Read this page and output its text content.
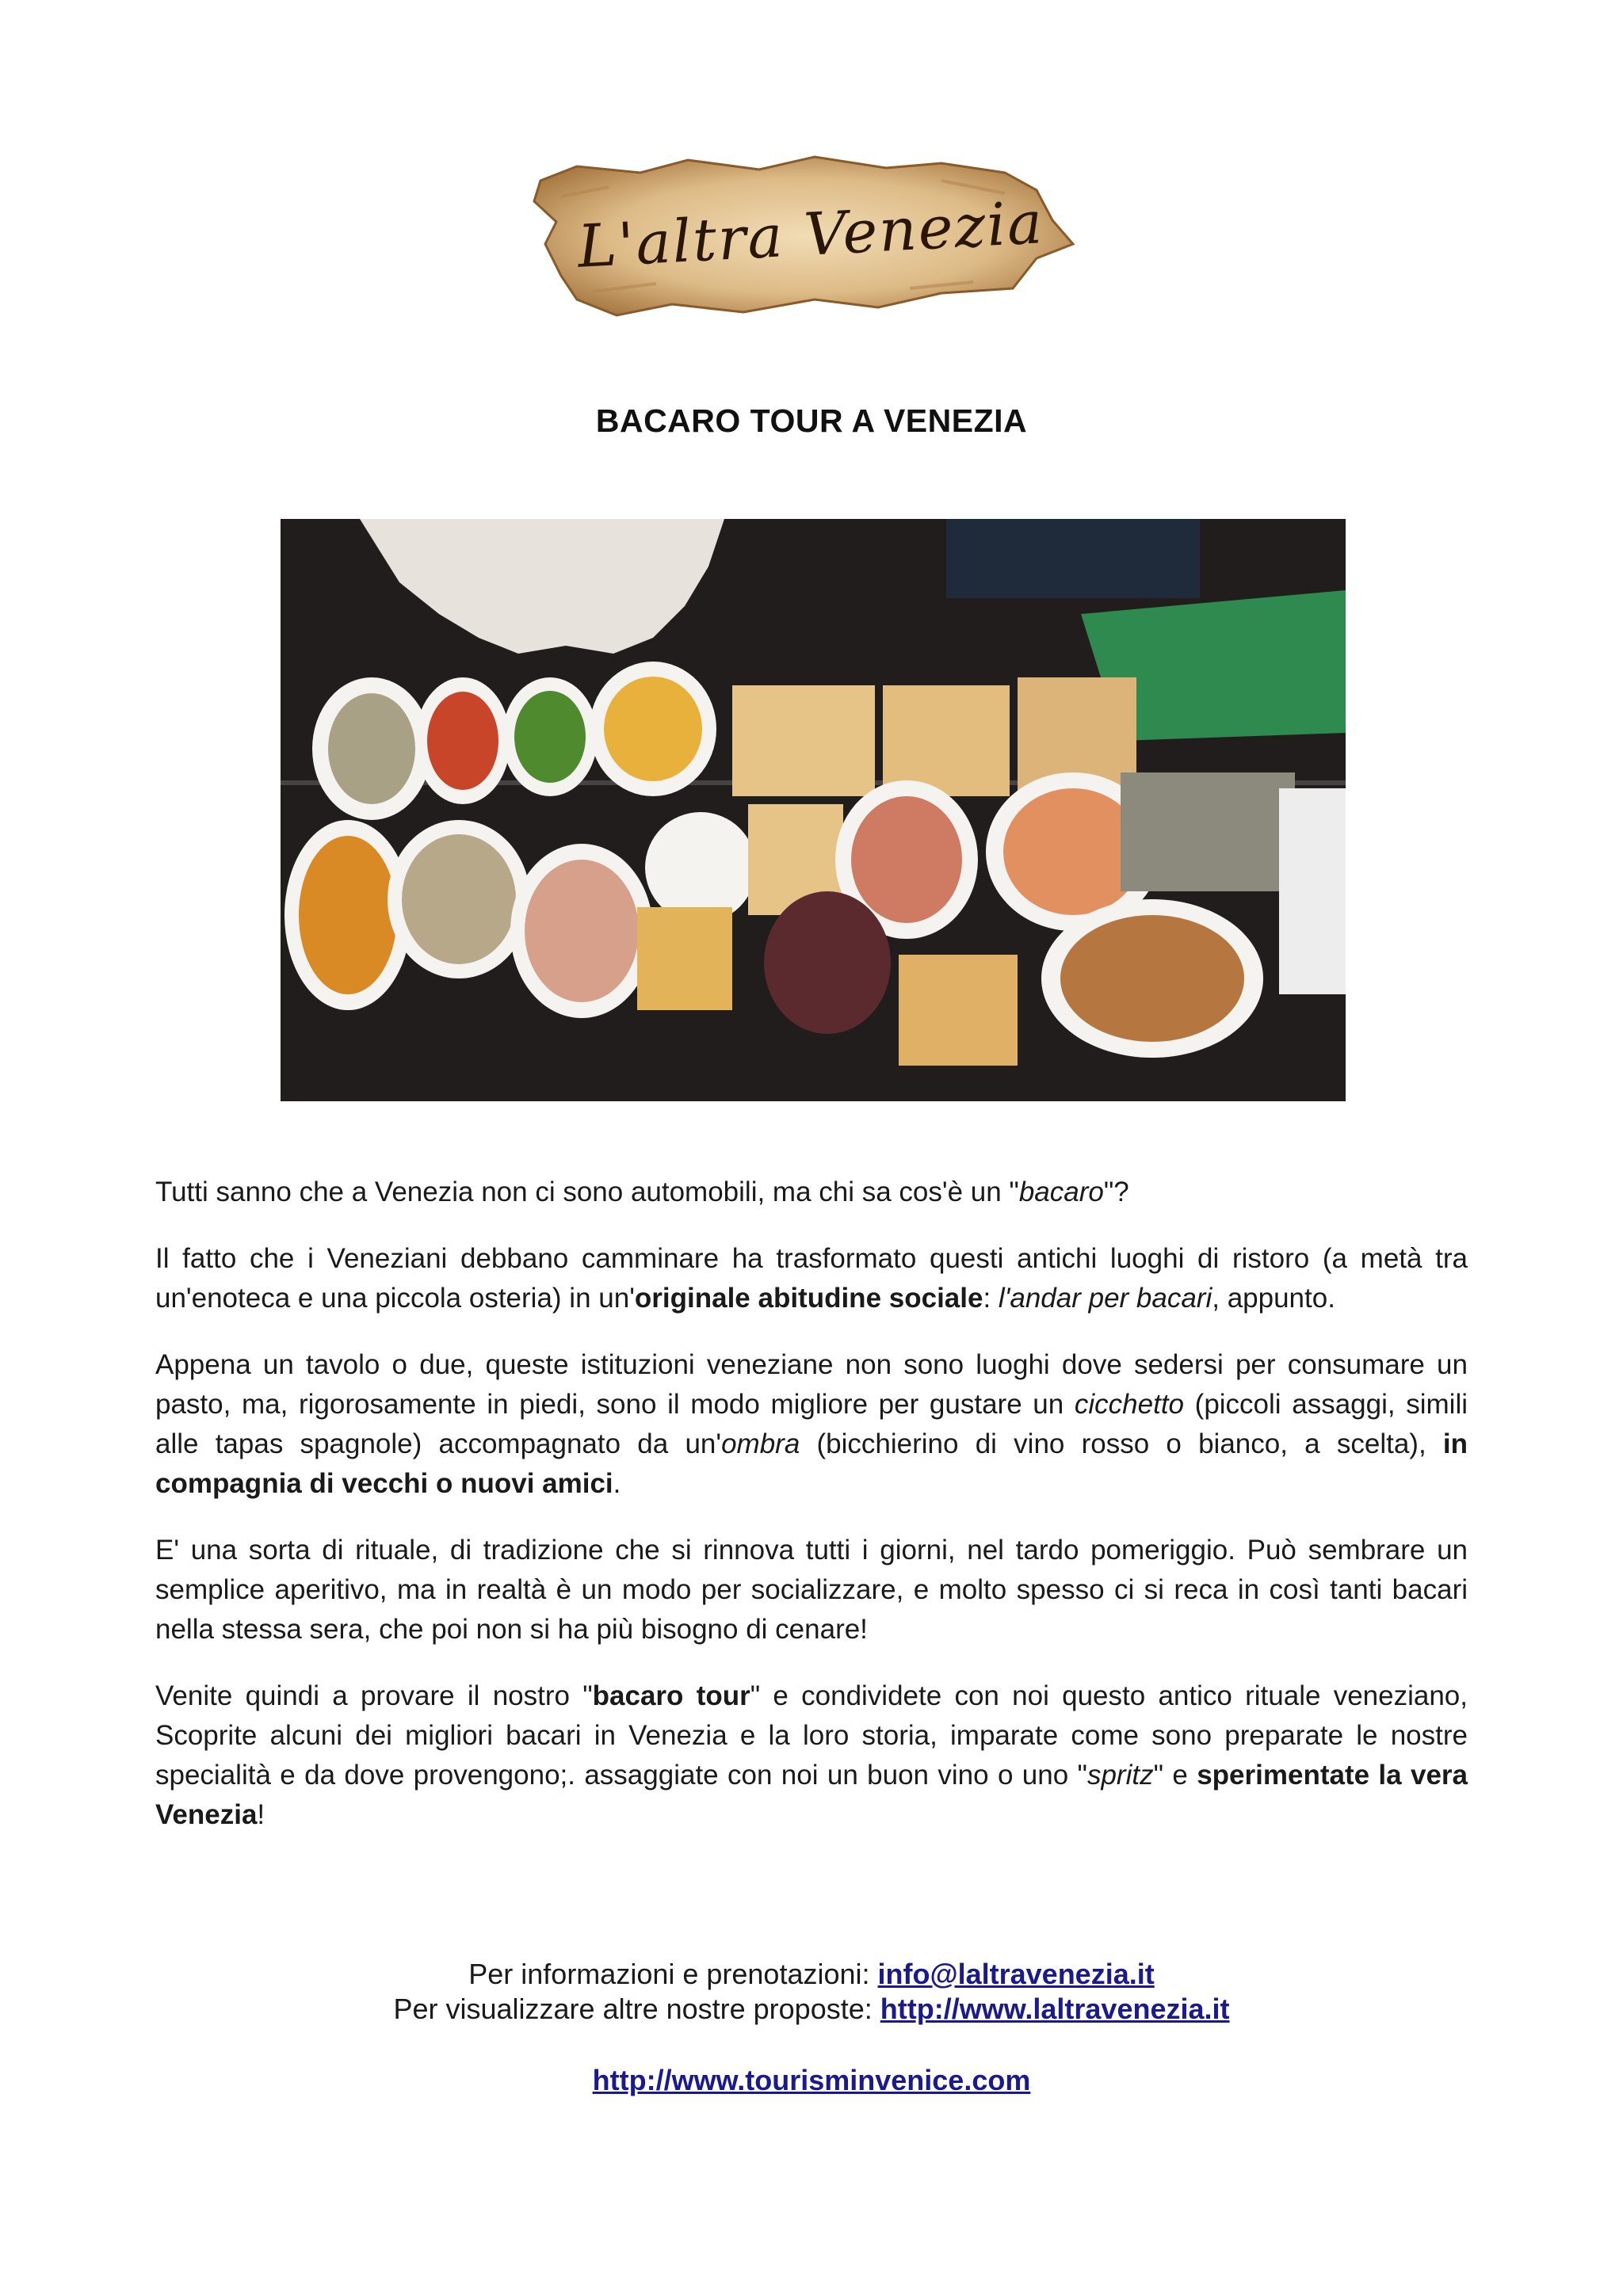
L'altra Venezia
BACARO TOUR A VENEZIA

Tutti sanno che a Venezia non ci sono automobili, ma chi sa cos'è un "bacaro"?

Il fatto che i Veneziani debbano camminare ha trasformato questi antichi luoghi di ristoro (a metà tra un'enoteca e una piccola osteria) in un'originale abitudine sociale: l'andar per bacari, appunto.

Appena un tavolo o due, queste istituzioni veneziane non sono luoghi dove sedersi per consumare un pasto, ma, rigorosamente in piedi, sono il modo migliore per gustare un cicchetto (piccoli assaggi, simili alle tapas spagnole) accompagnato da un'ombra (bicchierino di vino rosso o bianco, a scelta), in compagnia di vecchi o nuovi amici.

E' una sorta di rituale, di tradizione che si rinnova tutti i giorni, nel tardo pomeriggio. Può sembrare un semplice aperitivo, ma in realtà è un modo per socializzare, e molto spesso ci si reca in così tanti bacari nella stessa sera, che poi non si ha più bisogno di cenare!

Venite quindi a provare il nostro "bacaro tour" e condividete con noi questo antico rituale veneziano, Scoprite alcuni dei migliori bacari in Venezia e la loro storia, imparate come sono preparate le nostre specialità e da dove provengono;. assaggiate con noi un buon vino o uno "spritz" e sperimentate la vera Venezia!

Per informazioni e prenotazioni: info@laltravenezia.it
Per visualizzare altre nostre proposte: http://www.laltravenezia.it
http://www.tourisminvenice.com
